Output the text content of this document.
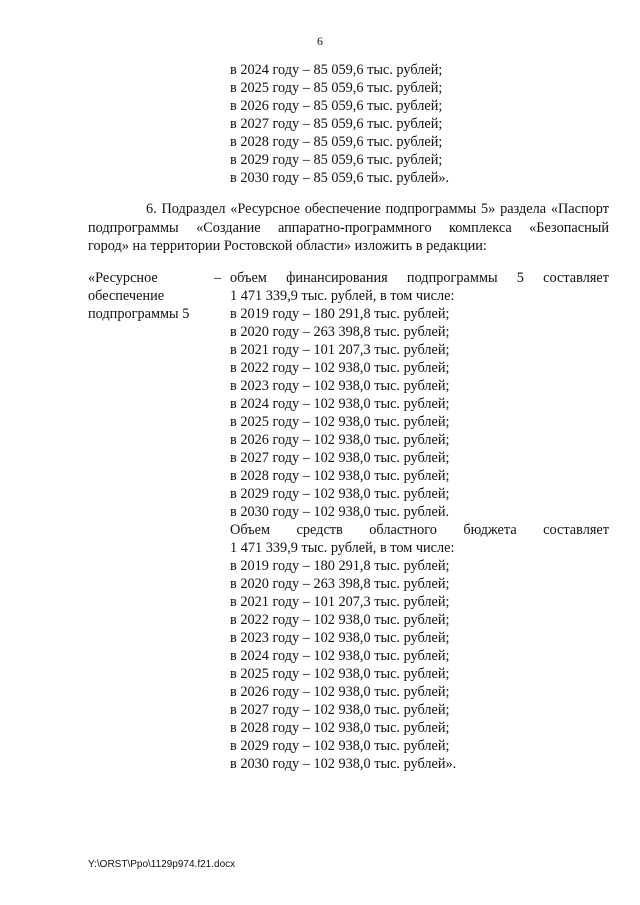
6
в 2024 году – 85 059,6 тыс. рублей;
в 2025 году – 85 059,6 тыс. рублей;
в 2026 году – 85 059,6 тыс. рублей;
в 2027 году – 85 059,6 тыс. рублей;
в 2028 году – 85 059,6 тыс. рублей;
в 2029 году – 85 059,6 тыс. рублей;
в 2030 году – 85 059,6 тыс. рублей».
6. Подраздел «Ресурсное обеспечение подпрограммы 5» раздела «Паспорт
подпрограммы «Создание аппаратно-программного комплекса «Безопасный
город» на территории Ростовской области» изложить в редакции:
«Ресурсное
обеспечение
подпрограммы 5
– объем финансирования подпрограммы 5 составляет
1 471 339,9 тыс. рублей, в том числе:
в 2019 году – 180 291,8 тыс. рублей;
в 2020 году – 263 398,8 тыс. рублей;
в 2021 году – 101 207,3 тыс. рублей;
в 2022 году – 102 938,0 тыс. рублей;
в 2023 году – 102 938,0 тыс. рублей;
в 2024 году – 102 938,0 тыс. рублей;
в 2025 году – 102 938,0 тыс. рублей;
в 2026 году – 102 938,0 тыс. рублей;
в 2027 году – 102 938,0 тыс. рублей;
в 2028 году – 102 938,0 тыс. рублей;
в 2029 году – 102 938,0 тыс. рублей;
в 2030 году – 102 938,0 тыс. рублей.
Объем средств областного бюджета составляет
1 471 339,9 тыс. рублей, в том числе:
в 2019 году – 180 291,8 тыс. рублей;
в 2020 году – 263 398,8 тыс. рублей;
в 2021 году – 101 207,3 тыс. рублей;
в 2022 году – 102 938,0 тыс. рублей;
в 2023 году – 102 938,0 тыс. рублей;
в 2024 году – 102 938,0 тыс. рублей;
в 2025 году – 102 938,0 тыс. рублей;
в 2026 году – 102 938,0 тыс. рублей;
в 2027 году – 102 938,0 тыс. рублей;
в 2028 году – 102 938,0 тыс. рублей;
в 2029 году – 102 938,0 тыс. рублей;
в 2030 году – 102 938,0 тыс. рублей».
Y:\ORST\Ppo\1129p974.f21.docx
